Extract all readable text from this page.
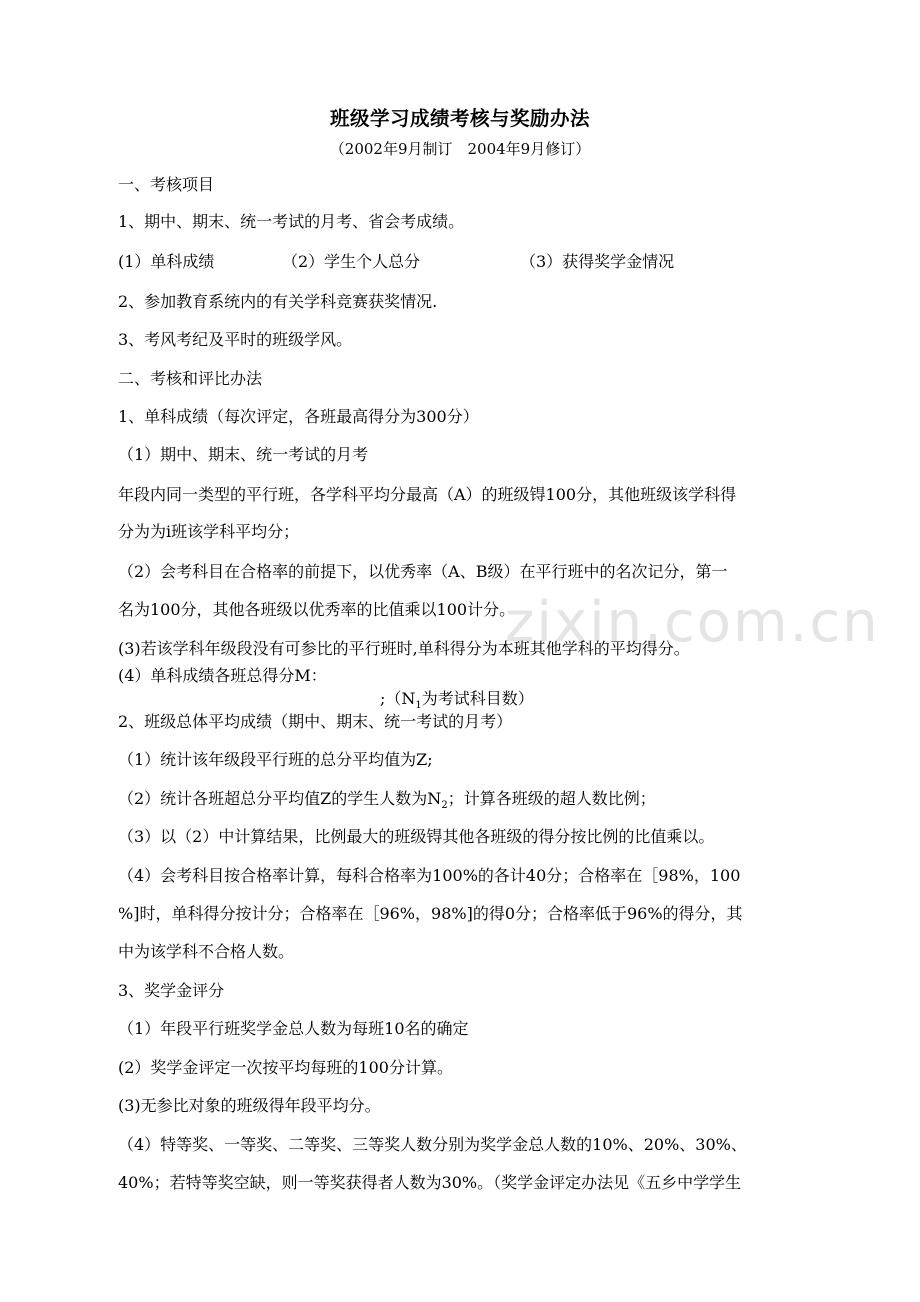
zixin.com.cn
班级学习成绩考核与奖励办法
（2002年9月制订　2004年9月修订）
一、考核项目
1、期中、期末、统一考试的月考、省会考成绩。
(1）单科成绩	（2）学生个人总分	（3）获得奖学金情况
2、参加教育系统内的有关学科竞赛获奖情况.
3、考风考纪及平时的班级学风。
二、考核和评比办法
1、单科成绩（每次评定，各班最高得分为300分）
（1）期中、期末、统一考试的月考
年段内同一类型的平行班，各学科平均分最高（A）的班级锝100分，其他班级该学科得
分为为i班该学科平均分；
（2）会考科目在合格率的前提下，以优秀率（A、B级）在平行班中的名次记分，第一
名为100分，其他各班级以优秀率的比值乘以100计分。
(3)若该学科年级段没有可参比的平行班时,单科得分为本班其他学科的平均得分。
(4）单科成绩各班总得分M：
$;(N_1$为考试科目数）
2、班级总体平均成绩（期中、期末、统一考试的月考）
（1）统计该年级段平行班的总分平均值为Z;
（2）统计各班超总分平均值Z的学生人数为$N_2$；计算各班级的超人数比例；
（3）以（2）中计算结果，比例最大的班级锝其他各班级的得分按比例的比值乘以。
（4）会考科目按合格率计算，每科合格率为100%的各计40分；合格率在［98%，100
%]时，单科得分按计分；合格率在［96%，98%]的得0分；合格率低于96%的得分，其
中为该学科不合格人数。
3、奖学金评分
（1）年段平行班奖学金总人数为每班10名的确定
(2）奖学金评定一次按平均每班的100分计算。
(3)无参比对象的班级得年段平均分。
（4）特等奖、一等奖、二等奖、三等奖人数分别为奖学金总人数的10%、20%、30%、
40%；若特等奖空缺，则一等奖获得者人数为30%。（奖学金评定办法见《五乡中学学生
